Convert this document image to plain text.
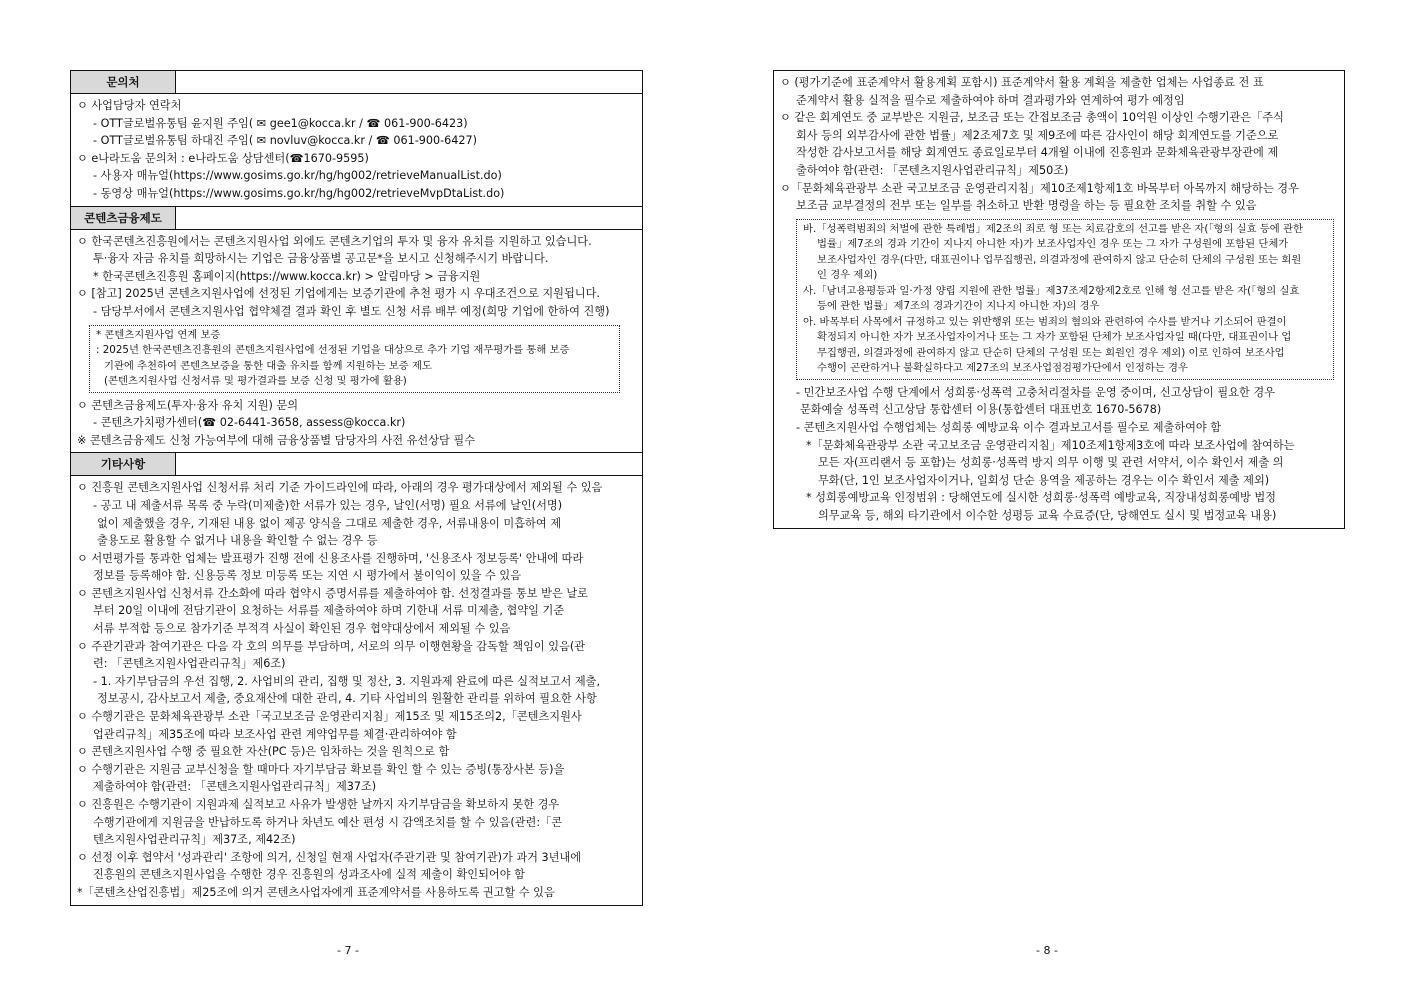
문의처
ㅇ 사업담당자 연락처
- OTT글로벌유통팀 윤지원 주임( ✉ gee1@kocca.kr / ☎ 061-900-6423)
- OTT글로벌유통팀 하대진 주임( ✉ novluv@kocca.kr / ☎ 061-900-6427)
ㅇ e나라도움 문의처 : e나라도움 상담센터(☎1670-9595)
- 사용자 매뉴얼(https://www.gosims.go.kr/hg/hg002/retrieveManualList.do)
- 동영상 매뉴얼(https://www.gosims.go.kr/hg/hg002/retrieveMvpDtaList.do)
콘텐츠금융제도
ㅇ 한국콘텐츠진흥원에서는 콘텐츠지원사업 외에도 콘텐츠기업의 투자 및 융자 유치를 지원하고 있습니다.
투·융자 자금 유치를 희망하시는 기업은 금융상품별 공고문*을 보시고 신청해주시기 바랍니다.
* 한국콘텐츠진흥원 홈페이지(https://www.kocca.kr) > 알림마당 > 금융지원
ㅇ [참고] 2025년 콘텐츠지원사업에 선정된 기업에게는 보증기관에 추천 평가 시 우대조건으로 지원됩니다.
- 담당부서에서 콘텐츠지원사업 협약체결 결과 확인 후 별도 신청 서류 배부 예정(희망 기업에 한하여 진행)
* 콘텐츠지원사업 연계 보증
: 2025년 한국콘텐츠진흥원의 콘텐츠지원사업에 선정된 기업을 대상으로 추가 기업 재무평가를 통해 보증
기관에 추천하여 콘텐츠보증을 통한 대출 유치를 함께 지원하는 보증 제도
(콘텐츠지원사업 신청서류 및 평가결과를 보증 신청 및 평가에 활용)
ㅇ 콘텐츠금융제도(투자·융자 유치 지원) 문의
- 콘텐츠가치평가센터(☎ 02-6441-3658, assess@kocca.kr)
※ 콘텐츠금융제도 신청 가능여부에 대해 금융상품별 담당자의 사전 유선상담 필수
기타사항
ㅇ 진흥원 콘텐츠지원사업 신청서류 처리 기준 가이드라인에 따라, 아래의 경우 평가대상에서 제외될 수 있음
- 공고 내 제출서류 목록 중 누락(미제출)한 서류가 있는 경우, 날인(서명) 필요 서류에 날인(서명)
없이 제출했을 경우, 기재된 내용 없이 제공 양식을 그대로 제출한 경우, 서류내용이 미흡하여 제
출용도로 활용할 수 없거나 내용을 확인할 수 없는 경우 등
ㅇ 서면평가를 통과한 업체는 발표평가 진행 전에 신용조사를 진행하며, '신용조사 정보등록' 안내에 따라
정보를 등록해야 함. 신용등록 정보 미등록 또는 지연 시 평가에서 불이익이 있을 수 있음
ㅇ 콘텐츠지원사업 신청서류 간소화에 따라 협약시 증명서류를 제출하여야 함. 선정결과를 통보 받은 날로
부터 20일 이내에 전담기관이 요청하는 서류를 제출하여야 하며 기한내 서류 미제출, 협약일 기준
서류 부적합 등으로 참가기준 부적격 사실이 확인된 경우 협약대상에서 제외될 수 있음
ㅇ 주관기관과 참여기관은 다음 각 호의 의무를 부담하며, 서로의 의무 이행현황을 감독할 책임이 있음(관
련: 「콘텐츠지원사업관리규칙」제6조)
- 1. 자기부담금의 우선 집행, 2. 사업비의 관리, 집행 및 정산, 3. 지원과제 완료에 따른 실적보고서 제출,
정보공시, 감사보고서 제출, 중요재산에 대한 관리, 4. 기타 사업비의 원활한 관리를 위하여 필요한 사항
ㅇ 수행기관은 문화체육관광부 소관「국고보조금 운영관리지침」제15조 및 제15조의2,「콘텐츠지원사
업관리규칙」제35조에 따라 보조사업 관련 계약업무를 체결·관리하여야 함
ㅇ 콘텐츠지원사업 수행 중 필요한 자산(PC 등)은 임차하는 것을 원칙으로 함
ㅇ 수행기관은 지원금 교부신청을 할 때마다 자기부담금 확보를 확인 할 수 있는 증빙(통장사본 등)을
제출하여야 함(관련: 「콘텐츠지원사업관리규칙」제37조)
ㅇ 진흥원은 수행기관이 지원과제 실적보고 사유가 발생한 날까지 자기부담금을 확보하지 못한 경우
수행기관에게 지원금을 반납하도록 하거나 차년도 예산 편성 시 감액조치를 할 수 있음(관련:「콘
텐츠지원사업관리규칙」제37조, 제42조)
ㅇ 선정 이후 협약서 '성과관리' 조항에 의거, 신청일 현재 사업자(주관기관 및 참여기관)가 과거 3년내에
진흥원의 콘텐츠지원사업을 수행한 경우 진흥원의 성과조사에 실적 제출이 확인되어야 함
*「콘텐츠산업진흥법」제25조에 의거 콘텐츠사업자에게 표준계약서를 사용하도록 권고할 수 있음
ㅇ (평가기준에 표준계약서 활용계획 포함시) 표준계약서 활용 계획을 제출한 업체는 사업종료 전 표
준계약서 활용 실적을 필수로 제출하여야 하며 결과평가와 연계하여 평가 예정임
ㅇ 같은 회계연도 중 교부받은 지원금, 보조금 또는 간접보조금 총액이 10억원 이상인 수행기관은「주식
회사 등의 외부감사에 관한 법률」제2조제7호 및 제9조에 따른 감사인이 해당 회계연도를 기준으로
작성한 감사보고서를 해당 회계연도 종료일로부터 4개월 이내에 진흥원과 문화체육관광부장관에 제
출하여야 함(관련: 「콘텐츠지원사업관리규칙」제50조)
ㅇ「문화체육관광부 소관 국고보조금 운영관리지침」제10조제1항제1호 바목부터 아목까지 해당하는 경우
보조금 교부결정의 전부 또는 일부를 취소하고 반환 명령을 하는 등 필요한 조치를 취할 수 있음
바.「성폭력범죄의 처벌에 관한 특례법」제2조의 죄로 형 또는 치료감호의 선고를 받은 자(「형의 실효 등에 관한
법률」제7조의 경과 기간이 지나지 아니한 자)가 보조사업자인 경우 또는 그 자가 구성원에 포함된 단체가
보조사업자인 경우(다만, 대표권이나 업무집행권, 의결과정에 관여하지 않고 단순히 단체의 구성원 또는 회원
인 경우 제외)
사.「남녀고용평등과 일·가정 양립 지원에 관한 법률」제37조제2항제2호로 인해 형 선고를 받은 자(「형의 실효
등에 관한 법률」제7조의 경과기간이 지나지 아니한 자)의 경우
아. 바목부터 사목에서 규정하고 있는 위반행위 또는 범죄의 혐의와 관련하여 수사를 받거나 기소되어 판결이
확정되지 아니한 자가 보조사업자이거나 또는 그 자가 포함된 단체가 보조사업자일 때(다만, 대표권이나 업
무집행권, 의결과정에 관여하지 않고 단순히 단체의 구성원 또는 회원인 경우 제외) 이로 인하여 보조사업
수행이 곤란하거나 불확실하다고 제27조의 보조사업점검평가단에서 인정하는 경우
- 민간보조사업 수행 단계에서 성희롱·성폭력 고충처리절차를 운영 중이며, 신고상담이 필요한 경우
문화예술 성폭력 신고상담 통합센터 이용(통합센터 대표번호 1670-5678)
- 콘텐츠지원사업 수행업체는 성희롱 예방교육 이수 결과보고서를 필수로 제출하여야 함
*「문화체육관광부 소관 국고보조금 운영관리지침」제10조제1항제3호에 따라 보조사업에 참여하는
모든 자(프리랜서 등 포함)는 성희롱·성폭력 방지 의무 이행 및 관련 서약서, 이수 확인서 제출 의
무화(단, 1인 보조사업자이거나, 일회성 단순 용역을 제공하는 경우는 이수 확인서 제출 제외)
* 성희롱예방교육 인정범위 : 당해연도에 실시한 성희롱·성폭력 예방교육, 직장내성희롱예방 법정
의무교육 등, 해외 타기관에서 이수한 성평등 교육 수료증(단, 당해연도 실시 및 법정교육 내용)
- 7 -	- 8 -
